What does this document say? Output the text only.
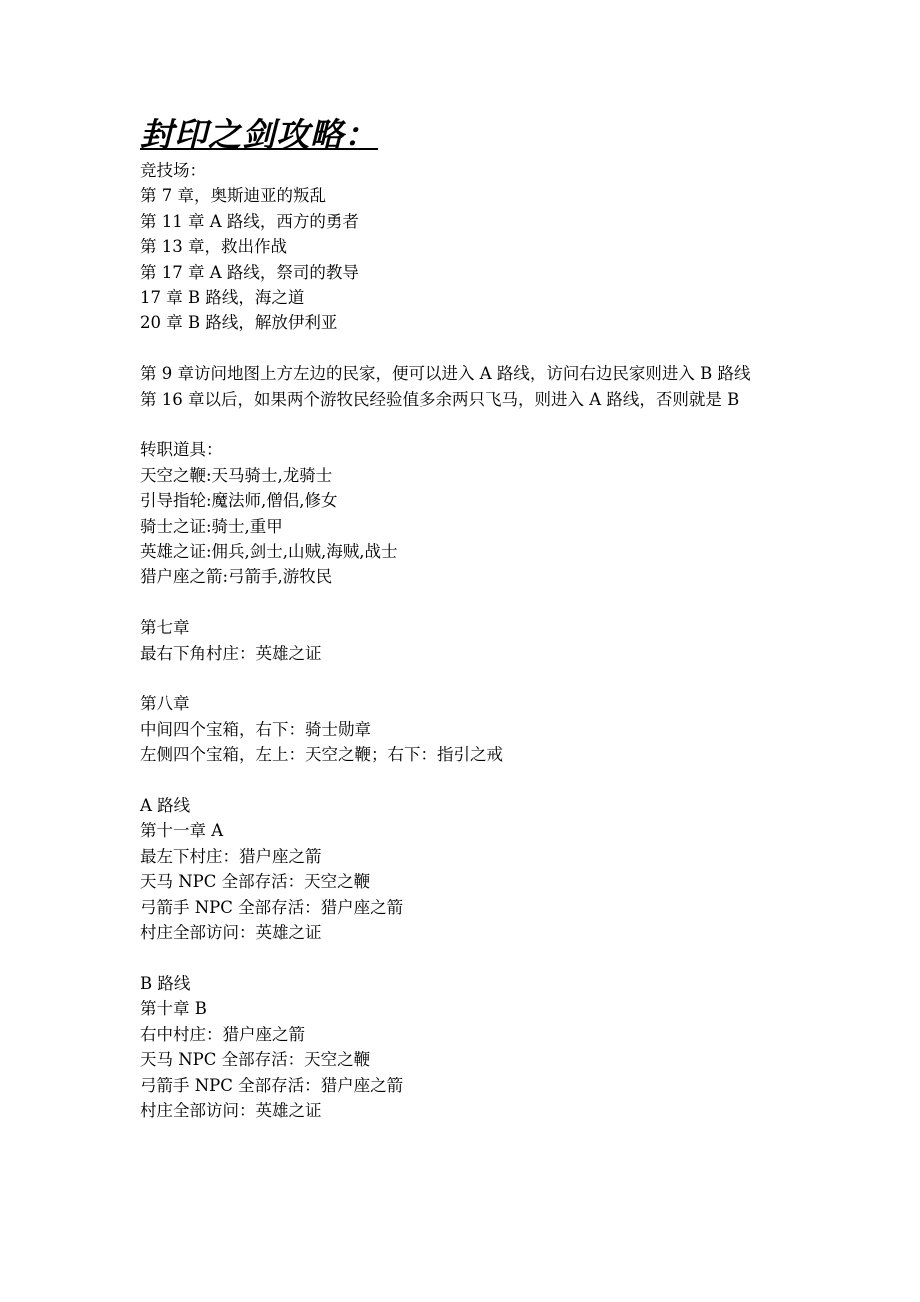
封印之剑攻略：
竞技场：
第 7 章，奥斯迪亚的叛乱
第 11 章 A 路线，西方的勇者
第 13 章，救出作战
第 17 章 A 路线，祭司的教导
17 章 B 路线，海之道
20 章 B 路线，解放伊利亚
第 9 章访问地图上方左边的民家，便可以进入 A 路线，访问右边民家则进入 B 路线
第 16 章以后，如果两个游牧民经验值多余两只飞马，则进入 A 路线，否则就是 B
转职道具：
天空之鞭:天马骑士,龙骑士
引导指轮:魔法师,僧侣,修女
骑士之证:骑士,重甲
英雄之证:佣兵,剑士,山贼,海贼,战士
猎户座之箭:弓箭手,游牧民
第七章
最右下角村庄：英雄之证
第八章
中间四个宝箱，右下：骑士勋章
左侧四个宝箱，左上：天空之鞭；右下：指引之戒
A 路线
第十一章 A
最左下村庄：猎户座之箭
天马 NPC 全部存活：天空之鞭
弓箭手 NPC 全部存活：猎户座之箭
村庄全部访问：英雄之证
B 路线
第十章 B
右中村庄：猎户座之箭
天马 NPC 全部存活：天空之鞭
弓箭手 NPC 全部存活：猎户座之箭
村庄全部访问：英雄之证
